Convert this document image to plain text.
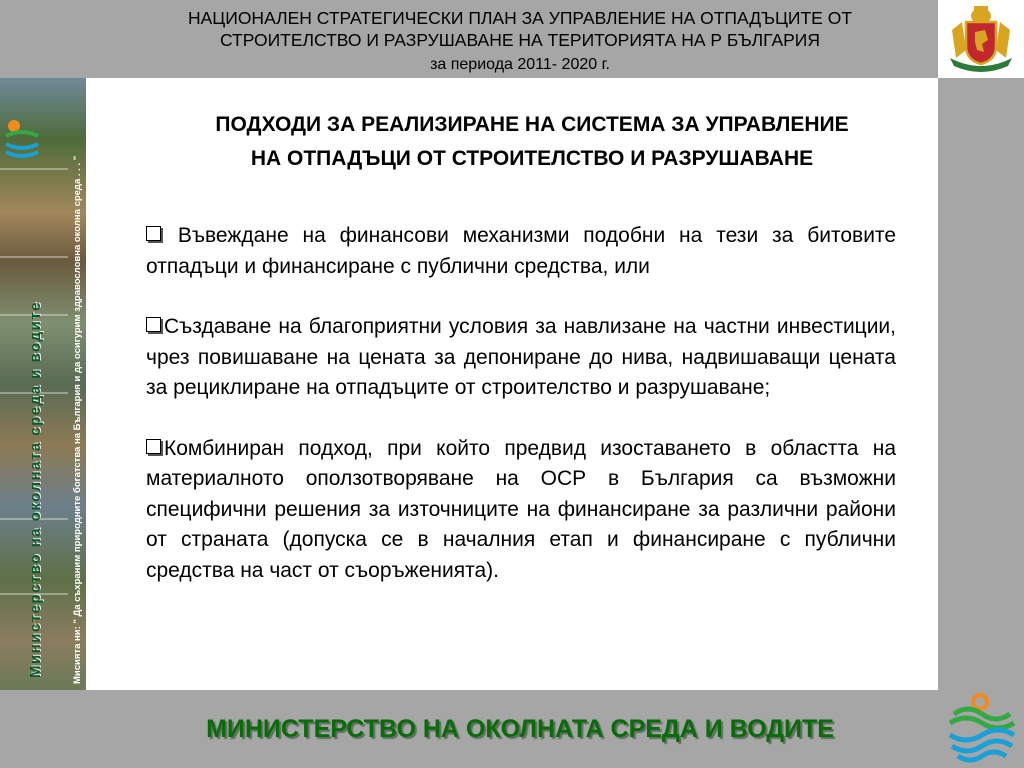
НАЦИОНАЛЕН СТРАТЕГИЧЕСКИ ПЛАН ЗА УПРАВЛЕНИЕ НА ОТПАДЪЦИТЕ ОТ
СТРОИТЕЛСТВО И РАЗРУШАВАНЕ НА ТЕРИТОРИЯТА НА Р БЪЛГАРИЯ
за периода 2011- 2020 г.
Министерство на околната среда и водите	Мисията ни: " Да съхраним природните богатства на България и да осигурим здравословна околна среда . . . "
ПОДХОДИ ЗА РЕАЛИЗИРАНЕ НА СИСТЕМА ЗА УПРАВЛЕНИЕ
НА ОТПАДЪЦИ ОТ СТРОИТЕЛСТВО И РАЗРУШАВАНЕ

Въвеждане на финансови механизми подобни на тези за битовите отпадъци и финансиране с публични средства, или

Създаване на благоприятни условия за навлизане на частни инвестиции, чрез повишаване на цената за депониране до нива, надвишаващи цената за рециклиране на отпадъците от строителство и разрушаване;

Комбиниран подход, при който предвид изоставането в областта на материалното оползотворяване на ОСР в България са възможни специфични решения за източниците на финансиране за различни райони от страната (допуска се в началния етап и финансиране с публични средства на част от съоръженията).

МИНИСТЕРСТВО НА ОКОЛНАТА СРЕДА И ВОДИТЕ
